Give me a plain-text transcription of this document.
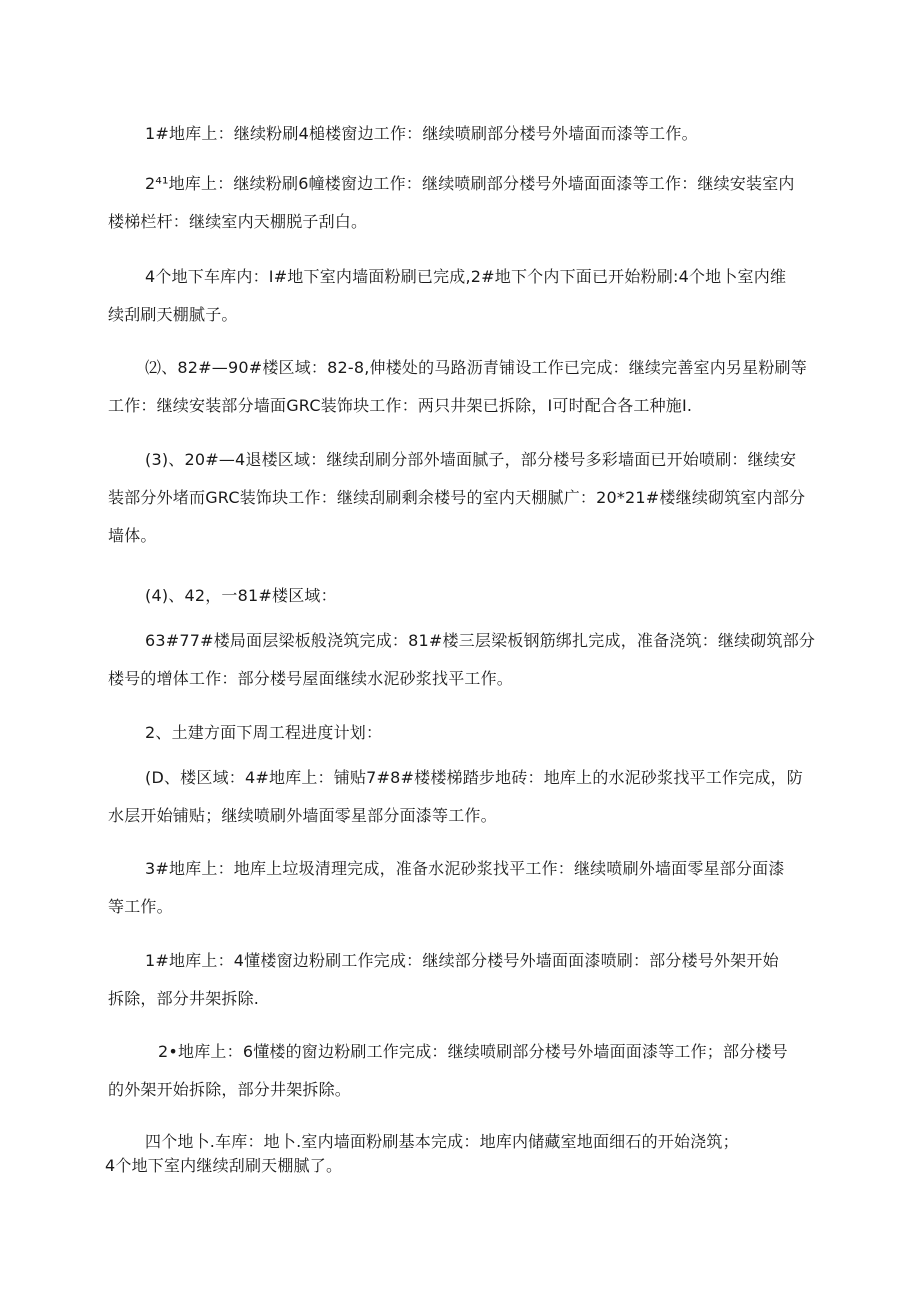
1#地库上：继续粉刷4槌楼窗边工作：继续喷刷部分楼号外墙面而漆等工作。

2⁴¹地库上：继续粉刷6幢楼窗边工作：继续喷刷部分楼号外墙面面漆等工作：继续安装室内
楼梯栏杆：继续室内天棚脱子刮白。

4个地下车库内：I#地下室内墙面粉刷已完成,2#地下个内下面已开始粉刷:4个地卜室内维
续刮刷天棚腻子。

⑵、82#—90#楼区域：82-8,伸楼处的马路沥青铺设工作已完成：继续完善室内另星粉刷等
工作：继续安装部分墙面GRC装饰块工作：两只井架已拆除，I可时配合各工种施I.

(3)、20#—4退楼区域：继续刮刷分部外墙面腻子，部分楼号多彩墙面已开始喷刷：继续安
装部分外堵而GRC装饰块工作：继续刮刷剩余楼号的室内天棚腻广：20*21#楼继续砌筑室内部分
墙体。

(4)、42，一81#楼区域：

63#77#楼局面层梁板般浇筑完成：81#楼三层梁板钢筋绑扎完成，准备浇筑：继续砌筑部分
楼号的增体工作：部分楼号屋面继续水泥砂浆找平工作。

2、土建方面下周工程进度计划：

(D、楼区域：4#地库上：铺贴7#8#楼楼梯踏步地砖：地库上的水泥砂浆找平工作完成，防
水层开始铺贴；继续喷刷外墙面零星部分面漆等工作。

3#地库上：地库上垃圾清理完成，准备水泥砂浆找平工作：继续喷刷外墙面零星部分面漆
等工作。

1#地库上：4懂楼窗边粉刷工作完成：继续部分楼号外墙面面漆喷刷：部分楼号外架开始
拆除，部分井架拆除.

2•地库上：6懂楼的窗边粉刷工作完成：继续喷刷部分楼号外墙面面漆等工作；部分楼号
的外架开始拆除，部分井架拆除。

四个地卜.车库：地卜.室内墙面粉刷基本完成：地库内储藏室地面细石的开始浇筑；
4个地下室内继续刮刷天棚腻了。
